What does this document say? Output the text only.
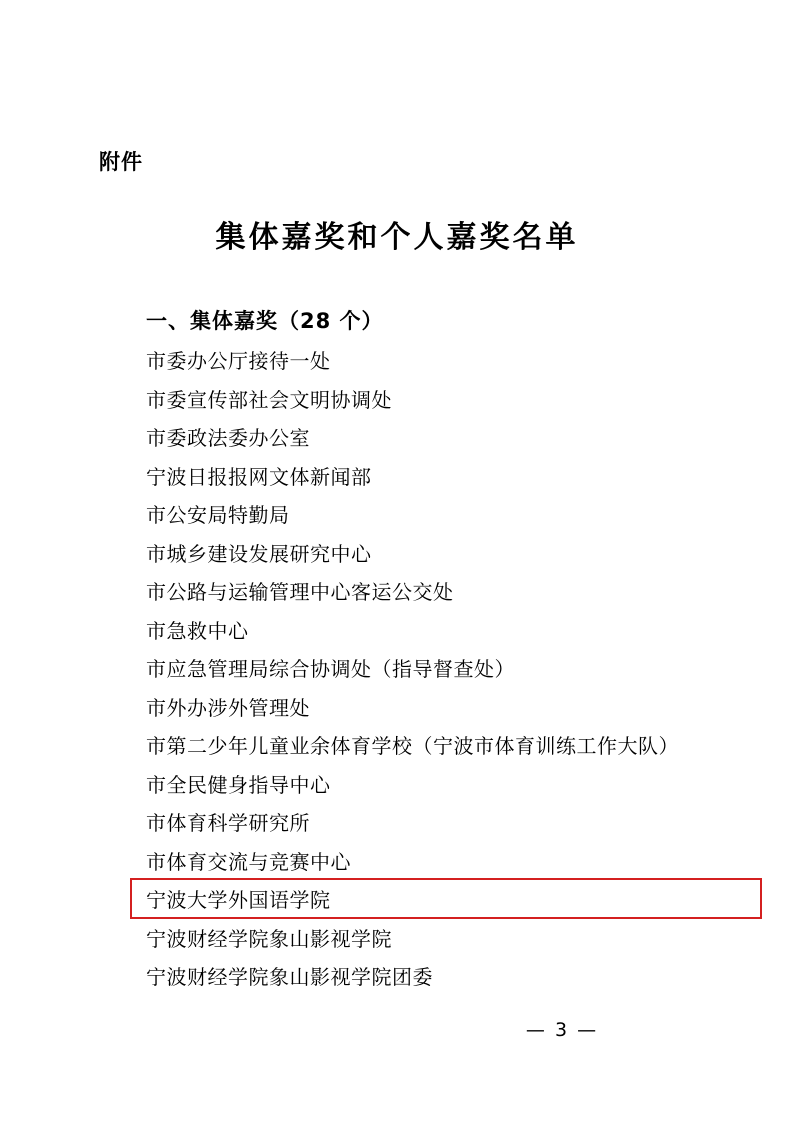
附件
集体嘉奖和个人嘉奖名单
一、集体嘉奖（28 个）
市委办公厅接待一处
市委宣传部社会文明协调处
市委政法委办公室
宁波日报报网文体新闻部
市公安局特勤局
市城乡建设发展研究中心
市公路与运输管理中心客运公交处
市急救中心
市应急管理局综合协调处（指导督查处）
市外办涉外管理处
市第二少年儿童业余体育学校（宁波市体育训练工作大队）
市全民健身指导中心
市体育科学研究所
市体育交流与竞赛中心
宁波大学外国语学院
宁波财经学院象山影视学院
宁波财经学院象山影视学院团委
— 3 —
